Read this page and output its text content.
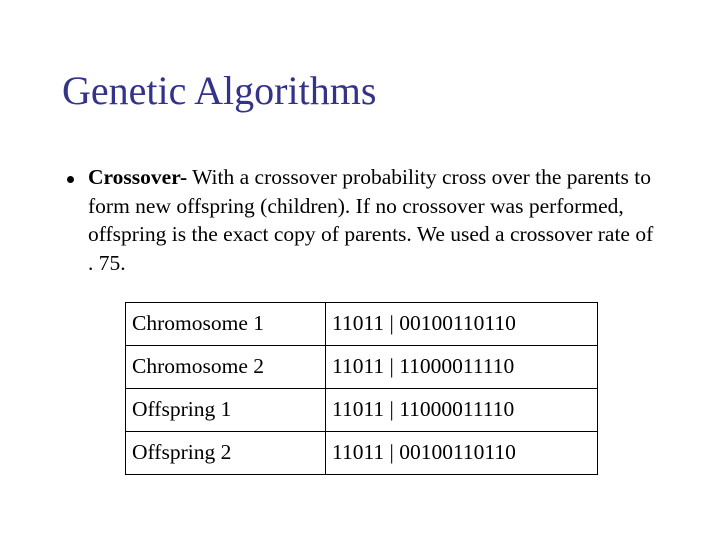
Genetic Algorithms

Crossover- With a crossover probability cross over the parents to form new offspring (children). If no crossover was performed, offspring is the exact copy of parents. We used a crossover rate of . 75.

Chromosome 1	11011 | 00100110110
Chromosome 2	11011 | 11000011110
Offspring 1	11011 | 11000011110
Offspring 2	11011 | 00100110110
